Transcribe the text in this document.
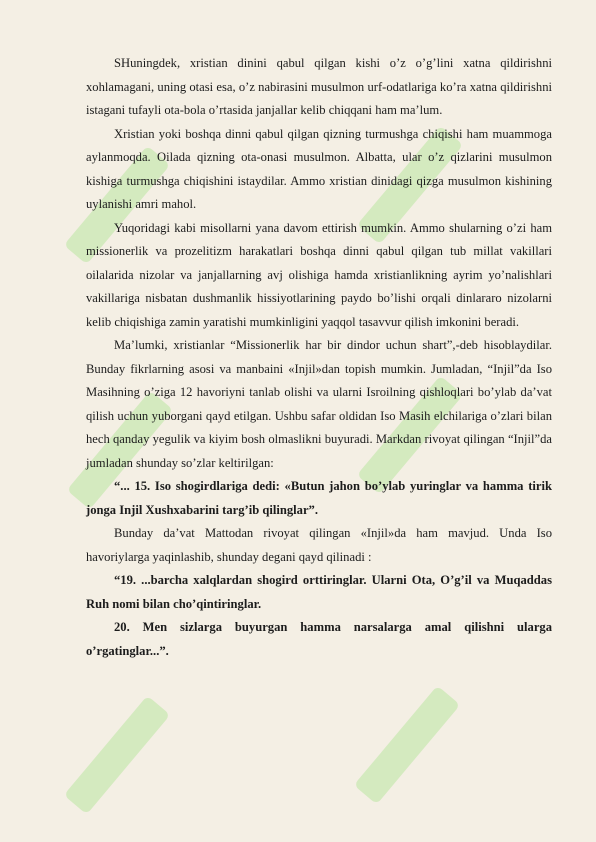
SHuningdek, xristian dinini qabul qilgan kishi o’z o’g’lini xatna qildirishni xohlamagani, uning otasi esa, o’z nabirasini musulmon urf-odatlariga ko’ra xatna qildirishni istagani tufayli ota-bola o’rtasida janjallar kelib chiqqani ham ma’lum.

Xristian yoki boshqa dinni qabul qilgan qizning turmushga chiqishi ham muammoga aylanmoqda. Oilada qizning ota-onasi musulmon. Albatta, ular o’z qizlarini musulmon kishiga turmushga chiqishini istaydilar. Ammo xristian dinidagi qizga musulmon kishining uylanishi amri mahol.

Yuqoridagi kabi misollarni yana davom ettirish mumkin. Ammo shularning o’zi ham missionerlik va prozelitizm harakatlari boshqa dinni qabul qilgan tub millat vakillari oilalarida nizolar va janjallarning avj olishiga hamda xristianlikning ayrim yo’nalishlari vakillariga nisbatan dushmanlik hissiyotlarining paydo bo’lishi orqali dinlararo nizolarni kelib chiqishiga zamin yaratishi mumkinligini yaqqol tasavvur qilish imkonini beradi.

Ma’lumki, xristianlar “Missionerlik har bir dindor uchun shart”,-deb hisoblaydilar. Bunday fikrlarning asosi va manbaini «Injil»dan topish mumkin. Jumladan, “Injil”da Iso Masihning o’ziga 12 havoriyni tanlab olishi va ularni Isroilning qishloqlari bo’ylab da’vat qilish uchun yuborgani qayd etilgan. Ushbu safar oldidan Iso Masih elchilariga o’zlari bilan hech qanday yegulik va kiyim bosh olmaslikni buyuradi. Markdan rivoyat qilingan “Injil”da jumladan shunday so’zlar keltirilgan:

“... 15. Iso shogirdlariga dedi: «Butun jahon bo’ylab yuringlar va hamma tirik jonga Injil Xushxabarini targ’ib qilinglar”.

Bunday da’vat Mattodan rivoyat qilingan «Injil»da ham mavjud. Unda Iso havoriylarga yaqinlashib, shunday degani qayd qilinadi :

“19. ...barcha xalqlardan shogird orttiringlar. Ularni Ota, O’g’il va Muqaddas Ruh nomi bilan cho’qintiringlar.

20. Men sizlarga buyurgan hamma narsalarga amal qilishni ularga o’rgatinglar...”.
